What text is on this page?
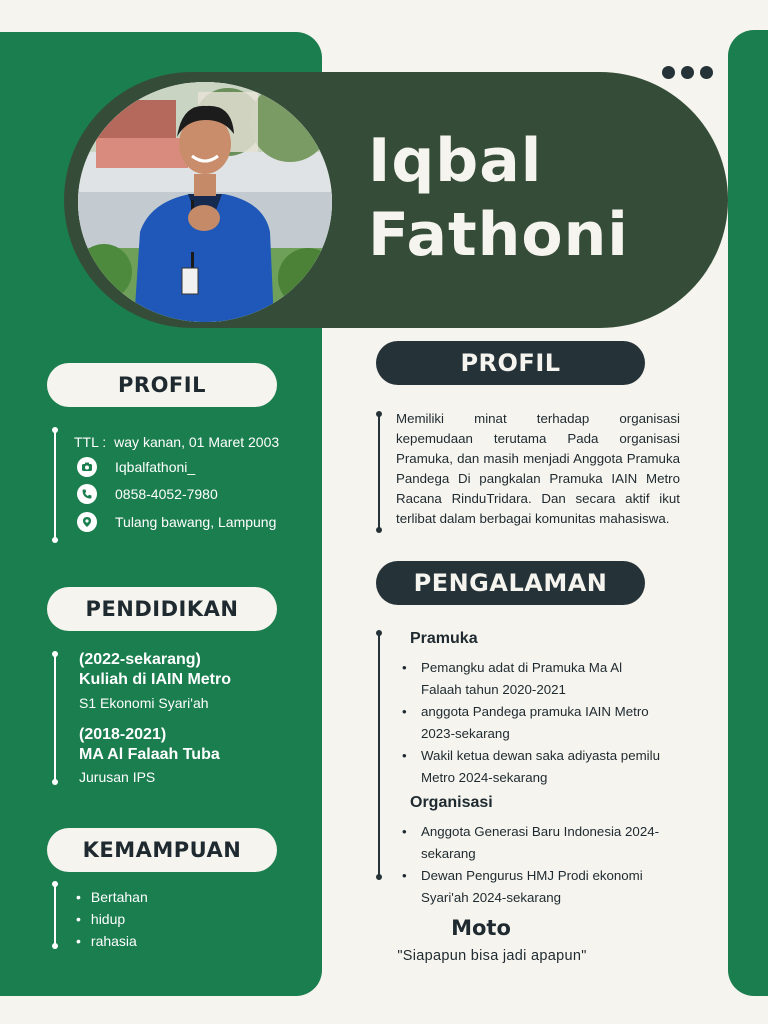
Iqbal
Fathoni
PROFIL
TTL : way kanan, 01 Maret 2003
Iqbalfathoni_
0858-4052-7980
Tulang bawang, Lampung
PENDIDIKAN
(2022-sekarang)
Kuliah di IAIN Metro
S1 Ekonomi Syari'ah
(2018-2021)
MA Al Falaah Tuba
Jurusan IPS
KEMAMPUAN
• Bertahan
• hidup
• rahasia
PROFIL
Memiliki minat terhadap organisasi kepemudaan terutama Pada organisasi Pramuka, dan masih menjadi Anggota Pramuka Pandega Di pangkalan Pramuka IAIN Metro Racana RinduTridara. Dan secara aktif ikut terlibat dalam berbagai komunitas mahasiswa.
PENGALAMAN
Pramuka
• Pemangku adat di Pramuka Ma Al Falaah tahun 2020-2021
• anggota Pandega pramuka IAIN Metro 2023-sekarang
• Wakil ketua dewan saka adiyasta pemilu Metro 2024-sekarang
Organisasi
• Anggota Generasi Baru Indonesia 2024-sekarang
• Dewan Pengurus HMJ Prodi ekonomi Syari'ah 2024-sekarang
Moto
"Siapapun bisa jadi apapun"
